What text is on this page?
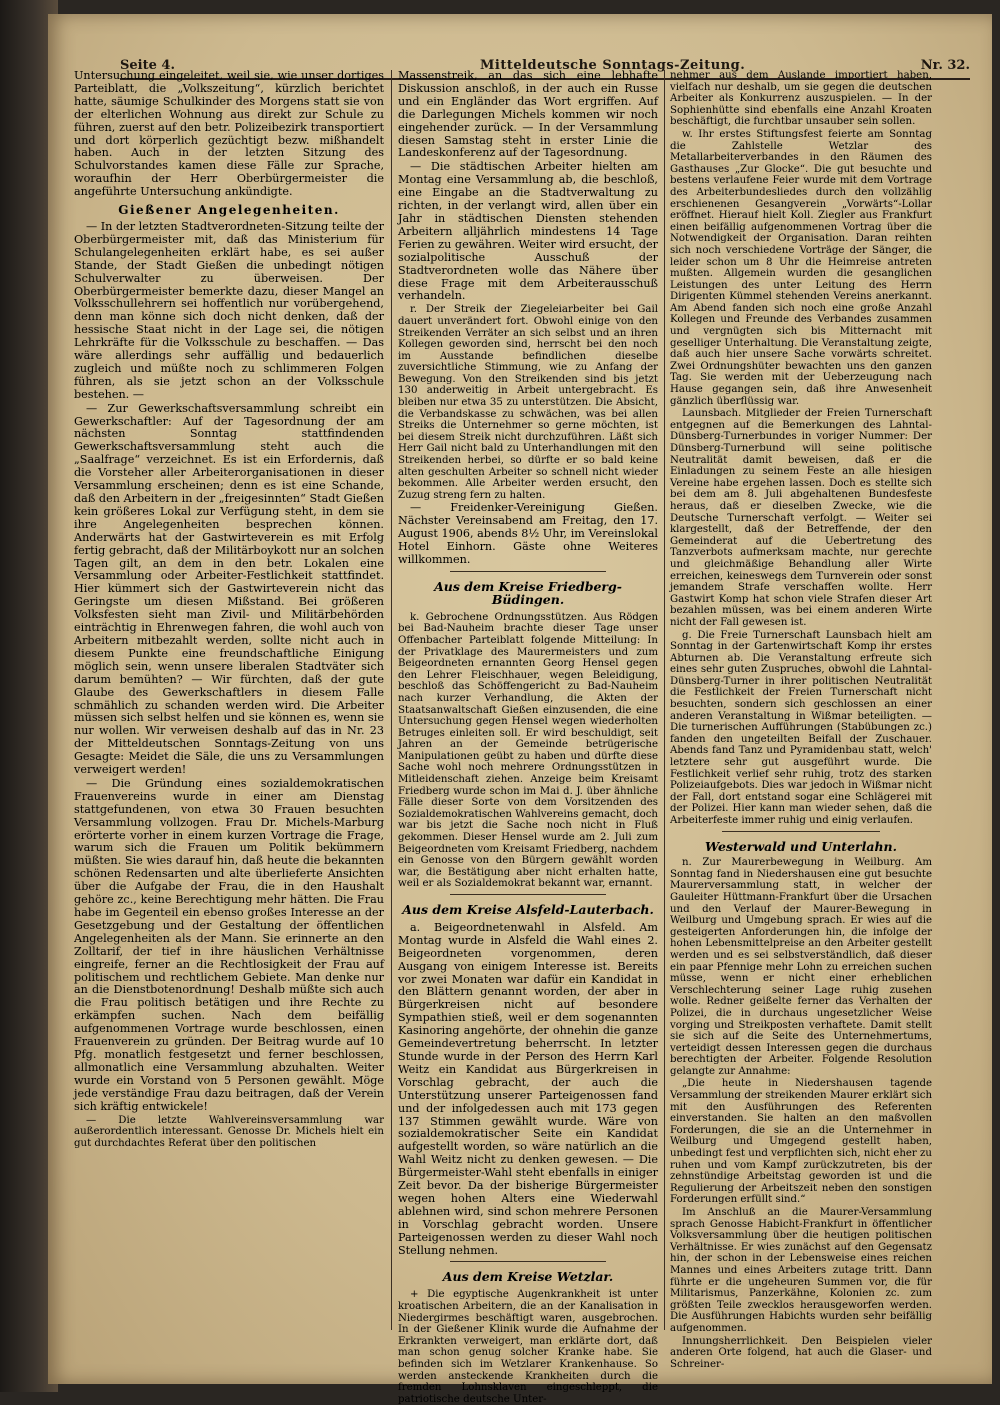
Seite 4.	Mitteldeutsche Sonntags-Zeitung.	Nr. 32.

Untersuchung eingeleitet, weil sie, wie unser dortiges Parteiblatt, die „Volkszeitung“, kürzlich berichtet hatte, säumige Schulkinder des Morgens statt sie von der elterlichen Wohnung aus direkt zur Schule zu führen, zuerst auf den betr. Polizeibezirk transportiert und dort körperlich gezüchtigt bezw. mißhandelt haben. Auch in der letzten Sitzung des Schulvorstandes kamen diese Fälle zur Sprache, woraufhin der Herr Oberbürgermeister die angeführte Untersuchung ankündigte.

Gießener Angelegenheiten.

— In der letzten Stadtverordneten-Sitzung teilte der Oberbürgermeister mit, daß das Ministerium für Schulangelegenheiten erklärt habe, es sei außer Stande, der Stadt Gießen die unbedingt nötigen Schulverwalter zu überweisen. Der Oberbürgermeister bemerkte dazu, dieser Mangel an Volksschullehrern sei hoffentlich nur vorübergehend, denn man könne sich doch nicht denken, daß der hessische Staat nicht in der Lage sei, die nötigen Lehrkräfte für die Volksschule zu beschaffen. — Das wäre allerdings sehr auffällig und bedauerlich zugleich und müßte noch zu schlimmeren Folgen führen, als sie jetzt schon an der Volksschule bestehen. —

— Zur Gewerkschaftsversammlung schreibt ein Gewerkschaftler: Auf der Tagesordnung der am nächsten Sonntag stattfindenden Gewerkschaftsversammlung steht auch die „Saalfrage“ verzeichnet. Es ist ein Erfordernis, daß die Vorsteher aller Arbeiterorganisationen in dieser Versammlung erscheinen; denn es ist eine Schande, daß den Arbeitern in der „freigesinnten“ Stadt Gießen kein größeres Lokal zur Verfügung steht, in dem sie ihre Angelegenheiten besprechen können. Anderwärts hat der Gastwirteverein es mit Erfolg fertig gebracht, daß der Militärboykott nur an solchen Tagen gilt, an dem in den betr. Lokalen eine Versammlung oder Arbeiter-Festlichkeit stattfindet. Hier kümmert sich der Gastwirteverein nicht das Geringste um diesen Mißstand. Bei größeren Volksfesten sieht man Zivil- und Militärbehörden einträchtig in Ehrenwegen fahren, die wohl auch von Arbeitern mitbezahlt werden, sollte nicht auch in diesem Punkte eine freundschaftliche Einigung möglich sein, wenn unsere liberalen Stadtväter sich darum bemühten? — Wir fürchten, daß der gute Glaube des Gewerkschaftlers in diesem Falle schmählich zu schanden werden wird. Die Arbeiter müssen sich selbst helfen und sie können es, wenn sie nur wollen. Wir verweisen deshalb auf das in Nr. 23 der Mitteldeutschen Sonntags-Zeitung von uns Gesagte: Meidet die Säle, die uns zu Versammlungen verweigert werden!

— Die Gründung eines sozialdemokratischen Frauenvereins wurde in einer am Dienstag stattgefundenen, von etwa 30 Frauen besuchten Versammlung vollzogen. Frau Dr. Michels-Marburg erörterte vorher in einem kurzen Vortrage die Frage, warum sich die Frauen um Politik bekümmern müßten. Sie wies darauf hin, daß heute die bekannten schönen Redensarten und alte überlieferte Ansichten über die Aufgabe der Frau, die in den Haushalt gehöre zc., keine Berechtigung mehr hätten. Die Frau habe im Gegenteil ein ebenso großes Interesse an der Gesetzgebung und der Gestaltung der öffentlichen Angelegenheiten als der Mann. Sie erinnerte an den Zolltarif, der tief in ihre häuslichen Verhältnisse eingreife, ferner an die Rechtlosigkeit der Frau auf politischem und rechtlichem Gebiete. Man denke nur an die Dienstbotenordnung! Deshalb müßte sich auch die Frau politisch betätigen und ihre Rechte zu erkämpfen suchen. Nach dem beifällig aufgenommenen Vortrage wurde beschlossen, einen Frauenverein zu gründen. Der Beitrag wurde auf 10 Pfg. monatlich festgesetzt und ferner beschlossen, allmonatlich eine Versammlung abzuhalten. Weiter wurde ein Vorstand von 5 Personen gewählt. Möge jede verständige Frau dazu beitragen, daß der Verein sich kräftig entwickele!

— Die letzte Wahlvereinsversammlung war außerordentlich interessant. Genosse Dr. Michels hielt ein gut durchdachtes Referat über den politischen

Massenstreik, an das sich eine lebhafte Diskussion anschloß, in der auch ein Russe und ein Engländer das Wort ergriffen. Auf die Darlegungen Michels kommen wir noch eingehender zurück. — In der Versammlung diesen Samstag steht in erster Linie die Landeskonferenz auf der Tagesordnung.

— Die städtischen Arbeiter hielten am Montag eine Versammlung ab, die beschloß, eine Eingabe an die Stadtverwaltung zu richten, in der verlangt wird, allen über ein Jahr in städtischen Diensten stehenden Arbeitern alljährlich mindestens 14 Tage Ferien zu gewähren. Weiter wird ersucht, der sozialpolitische Ausschuß der Stadtverordneten wolle das Nähere über diese Frage mit dem Arbeiterausschuß verhandeln.

r. Der Streik der Ziegeleiarbeiter bei Gail dauert unverändert fort. Obwohl einige von den Streikenden Verräter an sich selbst und an ihren Kollegen geworden sind, herrscht bei den noch im Ausstande befindlichen dieselbe zuversichtliche Stimmung, wie zu Anfang der Bewegung. Von den Streikenden sind bis jetzt 130 anderweitig in Arbeit untergebracht. Es bleiben nur etwa 35 zu unterstützen. Die Absicht, die Verbandskasse zu schwächen, was bei allen Streiks die Unternehmer so gerne möchten, ist bei diesem Streik nicht durchzuführen. Läßt sich Herr Gail nicht bald zu Unterhandlungen mit den Streikenden herbei, so dürfte er so bald keine alten geschulten Arbeiter so schnell nicht wieder bekommen. Alle Arbeiter werden ersucht, den Zuzug streng fern zu halten.

— Freidenker-Vereinigung Gießen. Nächster Vereinsabend am Freitag, den 17. August 1906, abends 8½ Uhr, im Vereinslokal Hotel Einhorn. Gäste ohne Weiteres willkommen.

Aus dem Kreise Friedberg-Büdingen.

k. Gebrochene Ordnungsstützen. Aus Rödgen bei Bad-Nauheim brachte dieser Tage unser Offenbacher Parteiblatt folgende Mitteilung: In der Privatklage des Maurermeisters und zum Beigeordneten ernannten Georg Hensel gegen den Lehrer Fleischhauer, wegen Beleidigung, beschloß das Schöffengericht zu Bad-Nauheim nach kurzer Verhandlung, die Akten der Staatsanwaltschaft Gießen einzusenden, die eine Untersuchung gegen Hensel wegen wiederholten Betruges einleiten soll. Er wird beschuldigt, seit Jahren an der Gemeinde betrügerische Manipulationen geübt zu haben und dürfte diese Sache wohl noch mehrere Ordnungsstützen in Mitleidenschaft ziehen. Anzeige beim Kreisamt Friedberg wurde schon im Mai d. J. über ähnliche Fälle dieser Sorte von dem Vorsitzenden des Sozialdemokratischen Wahlvereins gemacht, doch war bis jetzt die Sache noch nicht in Fluß gekommen. Dieser Hensel wurde am 2. Juli zum Beigeordneten vom Kreisamt Friedberg, nachdem ein Genosse von den Bürgern gewählt worden war, die Bestätigung aber nicht erhalten hatte, weil er als Sozialdemokrat bekannt war, ernannt.

Aus dem Kreise Alsfeld-Lauterbach.

a. Beigeordnetenwahl in Alsfeld. Am Montag wurde in Alsfeld die Wahl eines 2. Beigeordneten vorgenommen, deren Ausgang von einigem Interesse ist. Bereits vor zwei Monaten war dafür ein Kandidat in den Blättern genannt worden, der aber in Bürgerkreisen nicht auf besondere Sympathien stieß, weil er dem sogenannten Kasinoring angehörte, der ohnehin die ganze Gemeindevertretung beherrscht. In letzter Stunde wurde in der Person des Herrn Karl Weitz ein Kandidat aus Bürgerkreisen in Vorschlag gebracht, der auch die Unterstützung unserer Parteigenossen fand und der infolgedessen auch mit 173 gegen 137 Stimmen gewählt wurde. Wäre von sozialdemokratischer Seite ein Kandidat aufgestellt worden, so wäre natürlich an die Wahl Weitz nicht zu denken gewesen. — Die Bürgermeister-Wahl steht ebenfalls in einiger Zeit bevor. Da der bisherige Bürgermeister wegen hohen Alters eine Wiederwahl ablehnen wird, sind schon mehrere Personen in Vorschlag gebracht worden. Unsere Parteigenossen werden zu dieser Wahl noch Stellung nehmen.

Aus dem Kreise Wetzlar.

+ Die egyptische Augenkrankheit ist unter kroatischen Arbeitern, die an der Kanalisation in Niedergirmes beschäftigt waren, ausgebrochen. In der Gießener Klinik wurde die Aufnahme der Erkrankten verweigert, man erklärte dort, daß man schon genug solcher Kranke habe. Sie befinden sich im Wetzlarer Krankenhause. So werden ansteckende Krankheiten durch die fremden Lohnsklaven eingeschleppt, die patriotische deutsche Unter-

nehmer aus dem Auslande importiert haben, vielfach nur deshalb, um sie gegen die deutschen Arbeiter als Konkurrenz auszuspielen. — In der Sophienhütte sind ebenfalls eine Anzahl Kroaten beschäftigt, die furchtbar unsauber sein sollen.

w. Ihr erstes Stiftungsfest feierte am Sonntag die Zahlstelle Wetzlar des Metallarbeiterverbandes in den Räumen des Gasthauses „Zur Glocke“. Die gut besuchte und bestens verlaufene Feier wurde mit dem Vortrage des Arbeiterbundesliedes durch den vollzählig erschienenen Gesangverein „Vorwärts“-Lollar eröffnet. Hierauf hielt Koll. Ziegler aus Frankfurt einen beifällig aufgenommenen Vortrag über die Notwendigkeit der Organisation. Daran reihten sich noch verschiedene Vorträge der Sänger, die leider schon um 8 Uhr die Heimreise antreten mußten. Allgemein wurden die gesanglichen Leistungen des unter Leitung des Herrn Dirigenten Kümmel stehenden Vereins anerkannt. Am Abend fanden sich noch eine große Anzahl Kollegen und Freunde des Verbandes zusammen und vergnügten sich bis Mitternacht mit geselliger Unterhaltung. Die Veranstaltung zeigte, daß auch hier unsere Sache vorwärts schreitet. Zwei Ordnungshüter bewachten uns den ganzen Tag. Sie werden mit der Ueberzeugung nach Hause gegangen sein, daß ihre Anwesenheit gänzlich überflüssig war.

Launsbach. Mitglieder der Freien Turnerschaft entgegnen auf die Bemerkungen des Lahntal-Dünsberg-Turnerbundes in voriger Nummer: Der Dünsberg-Turnerbund will seine politische Neutralität damit beweisen, daß er die Einladungen zu seinem Feste an alle hiesigen Vereine habe ergehen lassen. Doch es stellte sich bei dem am 8. Juli abgehaltenen Bundesfeste heraus, daß er dieselben Zwecke, wie die Deutsche Turnerschaft verfolgt. — Weiter sei klargestellt, daß der Betreffende, der den Gemeinderat auf die Uebertretung des Tanzverbots aufmerksam machte, nur gerechte und gleichmäßige Behandlung aller Wirte erreichen, keineswegs dem Turnverein oder sonst jemandem Strafe verschaffen wollte. Herr Gastwirt Komp hat schon viele Strafen dieser Art bezahlen müssen, was bei einem anderen Wirte nicht der Fall gewesen ist.

g. Die Freie Turnerschaft Launsbach hielt am Sonntag in der Gartenwirtschaft Komp ihr erstes Abturnen ab. Die Veranstaltung erfreute sich eines sehr guten Zuspruches, obwohl die Lahntal-Dünsberg-Turner in ihrer politischen Neutralität die Festlichkeit der Freien Turnerschaft nicht besuchten, sondern sich geschlossen an einer anderen Veranstaltung in Wißmar beteiligten. — Die turnerischen Aufführungen (Stabübungen zc.) fanden den ungeteilten Beifall der Zuschauer. Abends fand Tanz und Pyramidenbau statt, welch' letztere sehr gut ausgeführt wurde. Die Festlichkeit verlief sehr ruhig, trotz des starken Polizeiaufgebots. Dies war jedoch in Wißmar nicht der Fall, dort entstand sogar eine Schlägerei mit der Polizei. Hier kann man wieder sehen, daß die Arbeiterfeste immer ruhig und einig verlaufen.

Westerwald und Unterlahn.

n. Zur Maurerbewegung in Weilburg. Am Sonntag fand in Niedershausen eine gut besuchte Maurerversammlung statt, in welcher der Gauleiter Hüttmann-Frankfurt über die Ursachen und den Verlauf der Maurer-Bewegung in Weilburg und Umgebung sprach. Er wies auf die gesteigerten Anforderungen hin, die infolge der hohen Lebensmittelpreise an den Arbeiter gestellt werden und es sei selbstverständlich, daß dieser ein paar Pfennige mehr Lohn zu erreichen suchen müsse, wenn er nicht einer erheblichen Verschlechterung seiner Lage ruhig zusehen wolle. Redner geißelte ferner das Verhalten der Polizei, die in durchaus ungesetzlicher Weise vorging und Streikposten verhaftete. Damit stellt sie sich auf die Seite des Unternehmertums, verteidigt dessen Interessen gegen die durchaus berechtigten der Arbeiter. Folgende Resolution gelangte zur Annahme:

„Die heute in Niedershausen tagende Versammlung der streikenden Maurer erklärt sich mit den Ausführungen des Referenten einverstanden. Sie halten an den maßvollen Forderungen, die sie an die Unternehmer in Weilburg und Umgegend gestellt haben, unbedingt fest und verpflichten sich, nicht eher zu ruhen und vom Kampf zurückzutreten, bis der zehnstündige Arbeitstag geworden ist und die Regulierung der Arbeitszeit neben den sonstigen Forderungen erfüllt sind.“

Im Anschluß an die Maurer-Versammlung sprach Genosse Habicht-Frankfurt in öffentlicher Volksversammlung über die heutigen politischen Verhältnisse. Er wies zunächst auf den Gegensatz hin, der schon in der Lebensweise eines reichen Mannes und eines Arbeiters zutage tritt. Dann führte er die ungeheuren Summen vor, die für Militarismus, Panzerkähne, Kolonien zc. zum größten Teile zwecklos herausgeworfen werden. Die Ausführungen Habichts wurden sehr beifällig aufgenommen.

Innungsherrlichkeit. Den Beispielen vieler anderen Orte folgend, hat auch die Glaser- und Schreiner-
